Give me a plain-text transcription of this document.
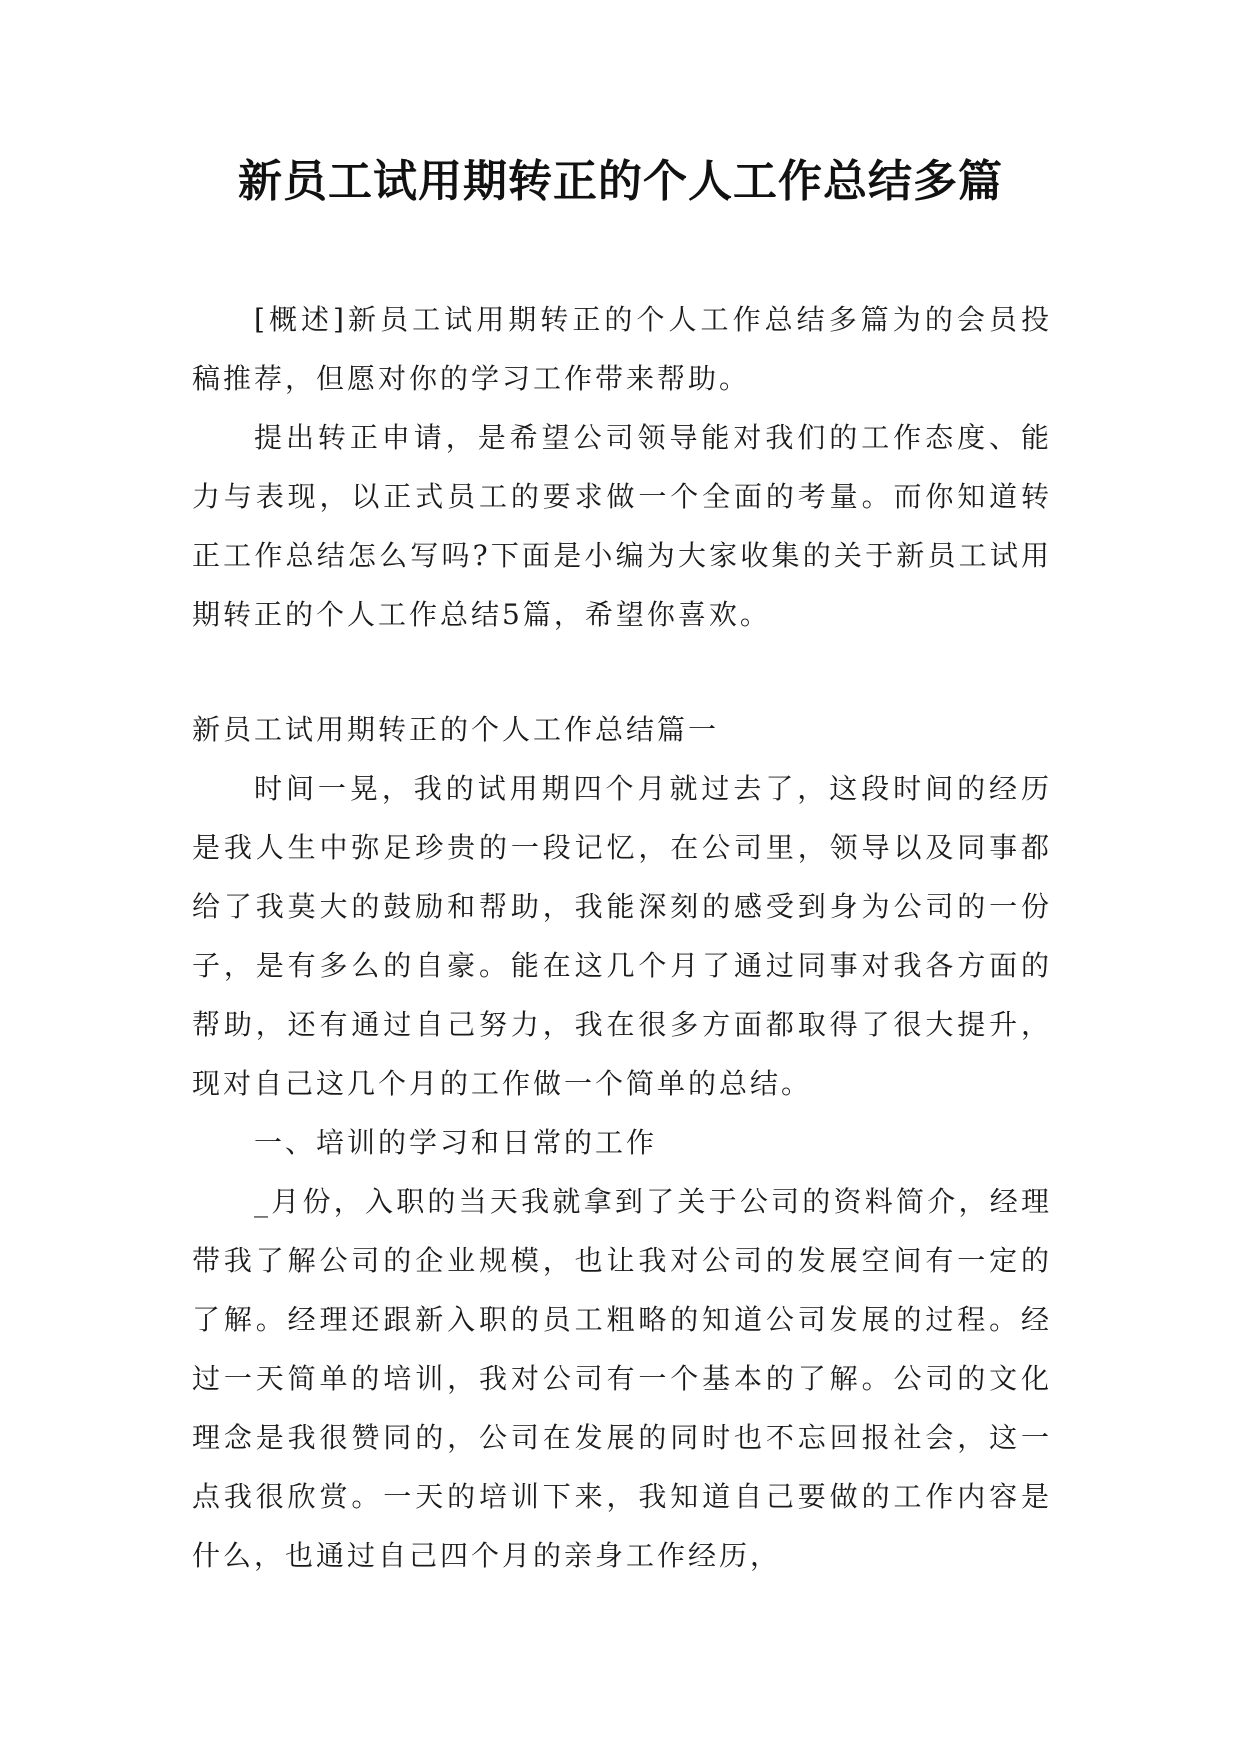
新员工试用期转正的个人工作总结多篇

[概述]新员工试用期转正的个人工作总结多篇为的会员投稿推荐，但愿对你的学习工作带来帮助。

提出转正申请，是希望公司领导能对我们的工作态度、能力与表现，以正式员工的要求做一个全面的考量。而你知道转正工作总结怎么写吗?下面是小编为大家收集的关于新员工试用期转正的个人工作总结5篇，希望你喜欢。

新员工试用期转正的个人工作总结篇一

时间一晃，我的试用期四个月就过去了，这段时间的经历是我人生中弥足珍贵的一段记忆，在公司里，领导以及同事都给了我莫大的鼓励和帮助，我能深刻的感受到身为公司的一份子，是有多么的自豪。能在这几个月了通过同事对我各方面的帮助，还有通过自己努力，我在很多方面都取得了很大提升，现对自己这几个月的工作做一个简单的总结。

一、培训的学习和日常的工作

_月份，入职的当天我就拿到了关于公司的资料简介，经理带我了解公司的企业规模，也让我对公司的发展空间有一定的了解。经理还跟新入职的员工粗略的知道公司发展的过程。经过一天简单的培训，我对公司有一个基本的了解。公司的文化理念是我很赞同的，公司在发展的同时也不忘回报社会，这一点我很欣赏。一天的培训下来，我知道自己要做的工作内容是什么，也通过自己四个月的亲身工作经历，
